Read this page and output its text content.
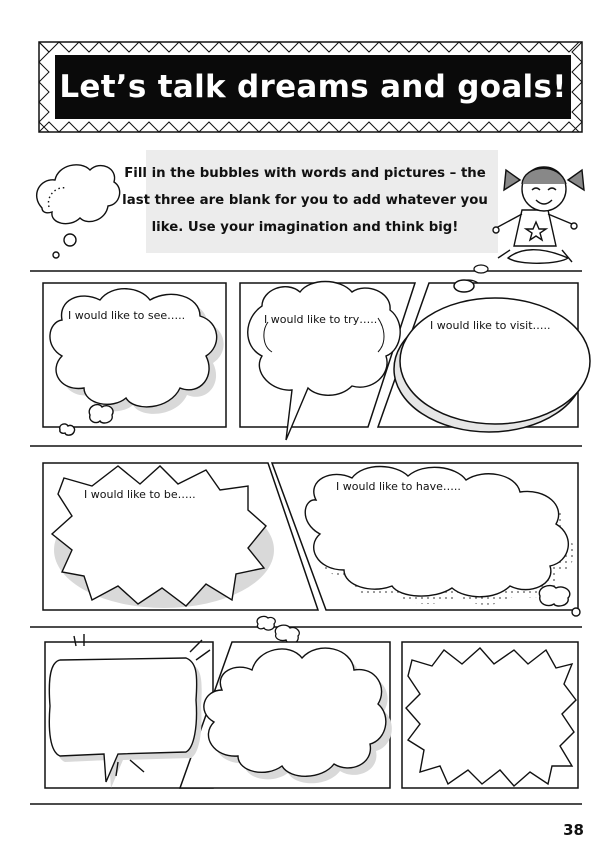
Let’s talk dreams and goals!
Fill in the bubbles with words and pictures – the last three are blank for you to add whatever you like. Use your imagination and think big!
I would like to see…..	I would like to try…..	I would like to visit…..
I would like to be…..
I would like to have…..
38
